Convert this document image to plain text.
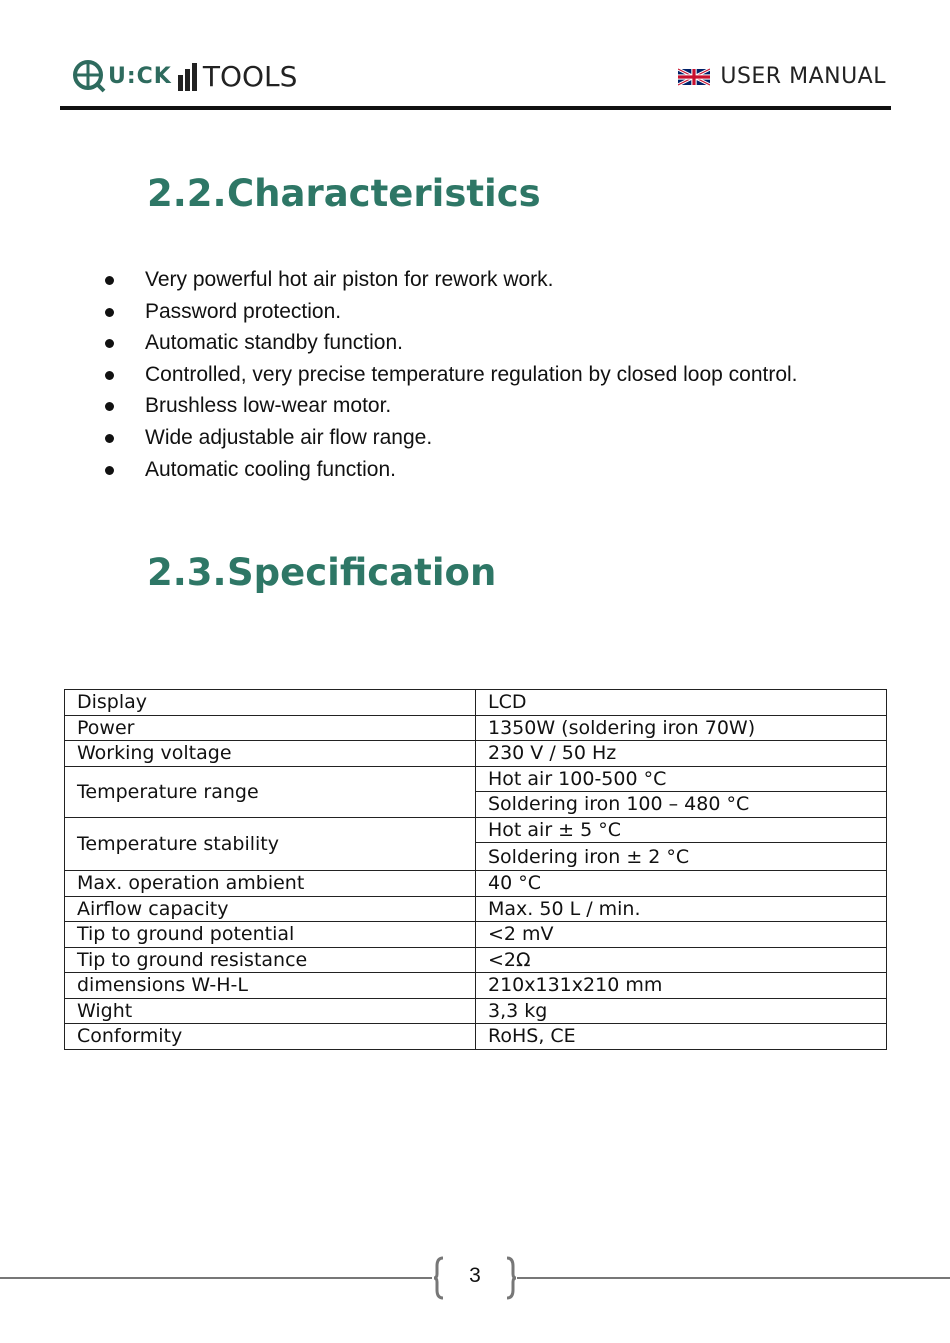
U:CK TOOLS	USER MANUAL
2.2.Characteristics
Very powerful hot air piston for rework work.
Password protection.
Automatic standby function.
Controlled, very precise temperature regulation by closed loop control.
Brushless low-wear motor.
Wide adjustable air flow range.
Automatic cooling function.
2.3.Specification
Display	LCD
Power	1350W (soldering iron 70W)
Working voltage	230 V / 50 Hz
Temperature range	Hot air 100-500 °C
	Soldering iron 100 – 480 °C
Temperature stability	Hot air ± 5 °C
	Soldering iron ± 2 °C
Max. operation ambient	40 °C
Airflow capacity	Max. 50 L / min.
Tip to ground potential	<2 mV
Tip to ground resistance	<2Ω
dimensions W-H-L	210x131x210 mm
Wight	3,3 kg
Conformity	RoHS, CE
3
